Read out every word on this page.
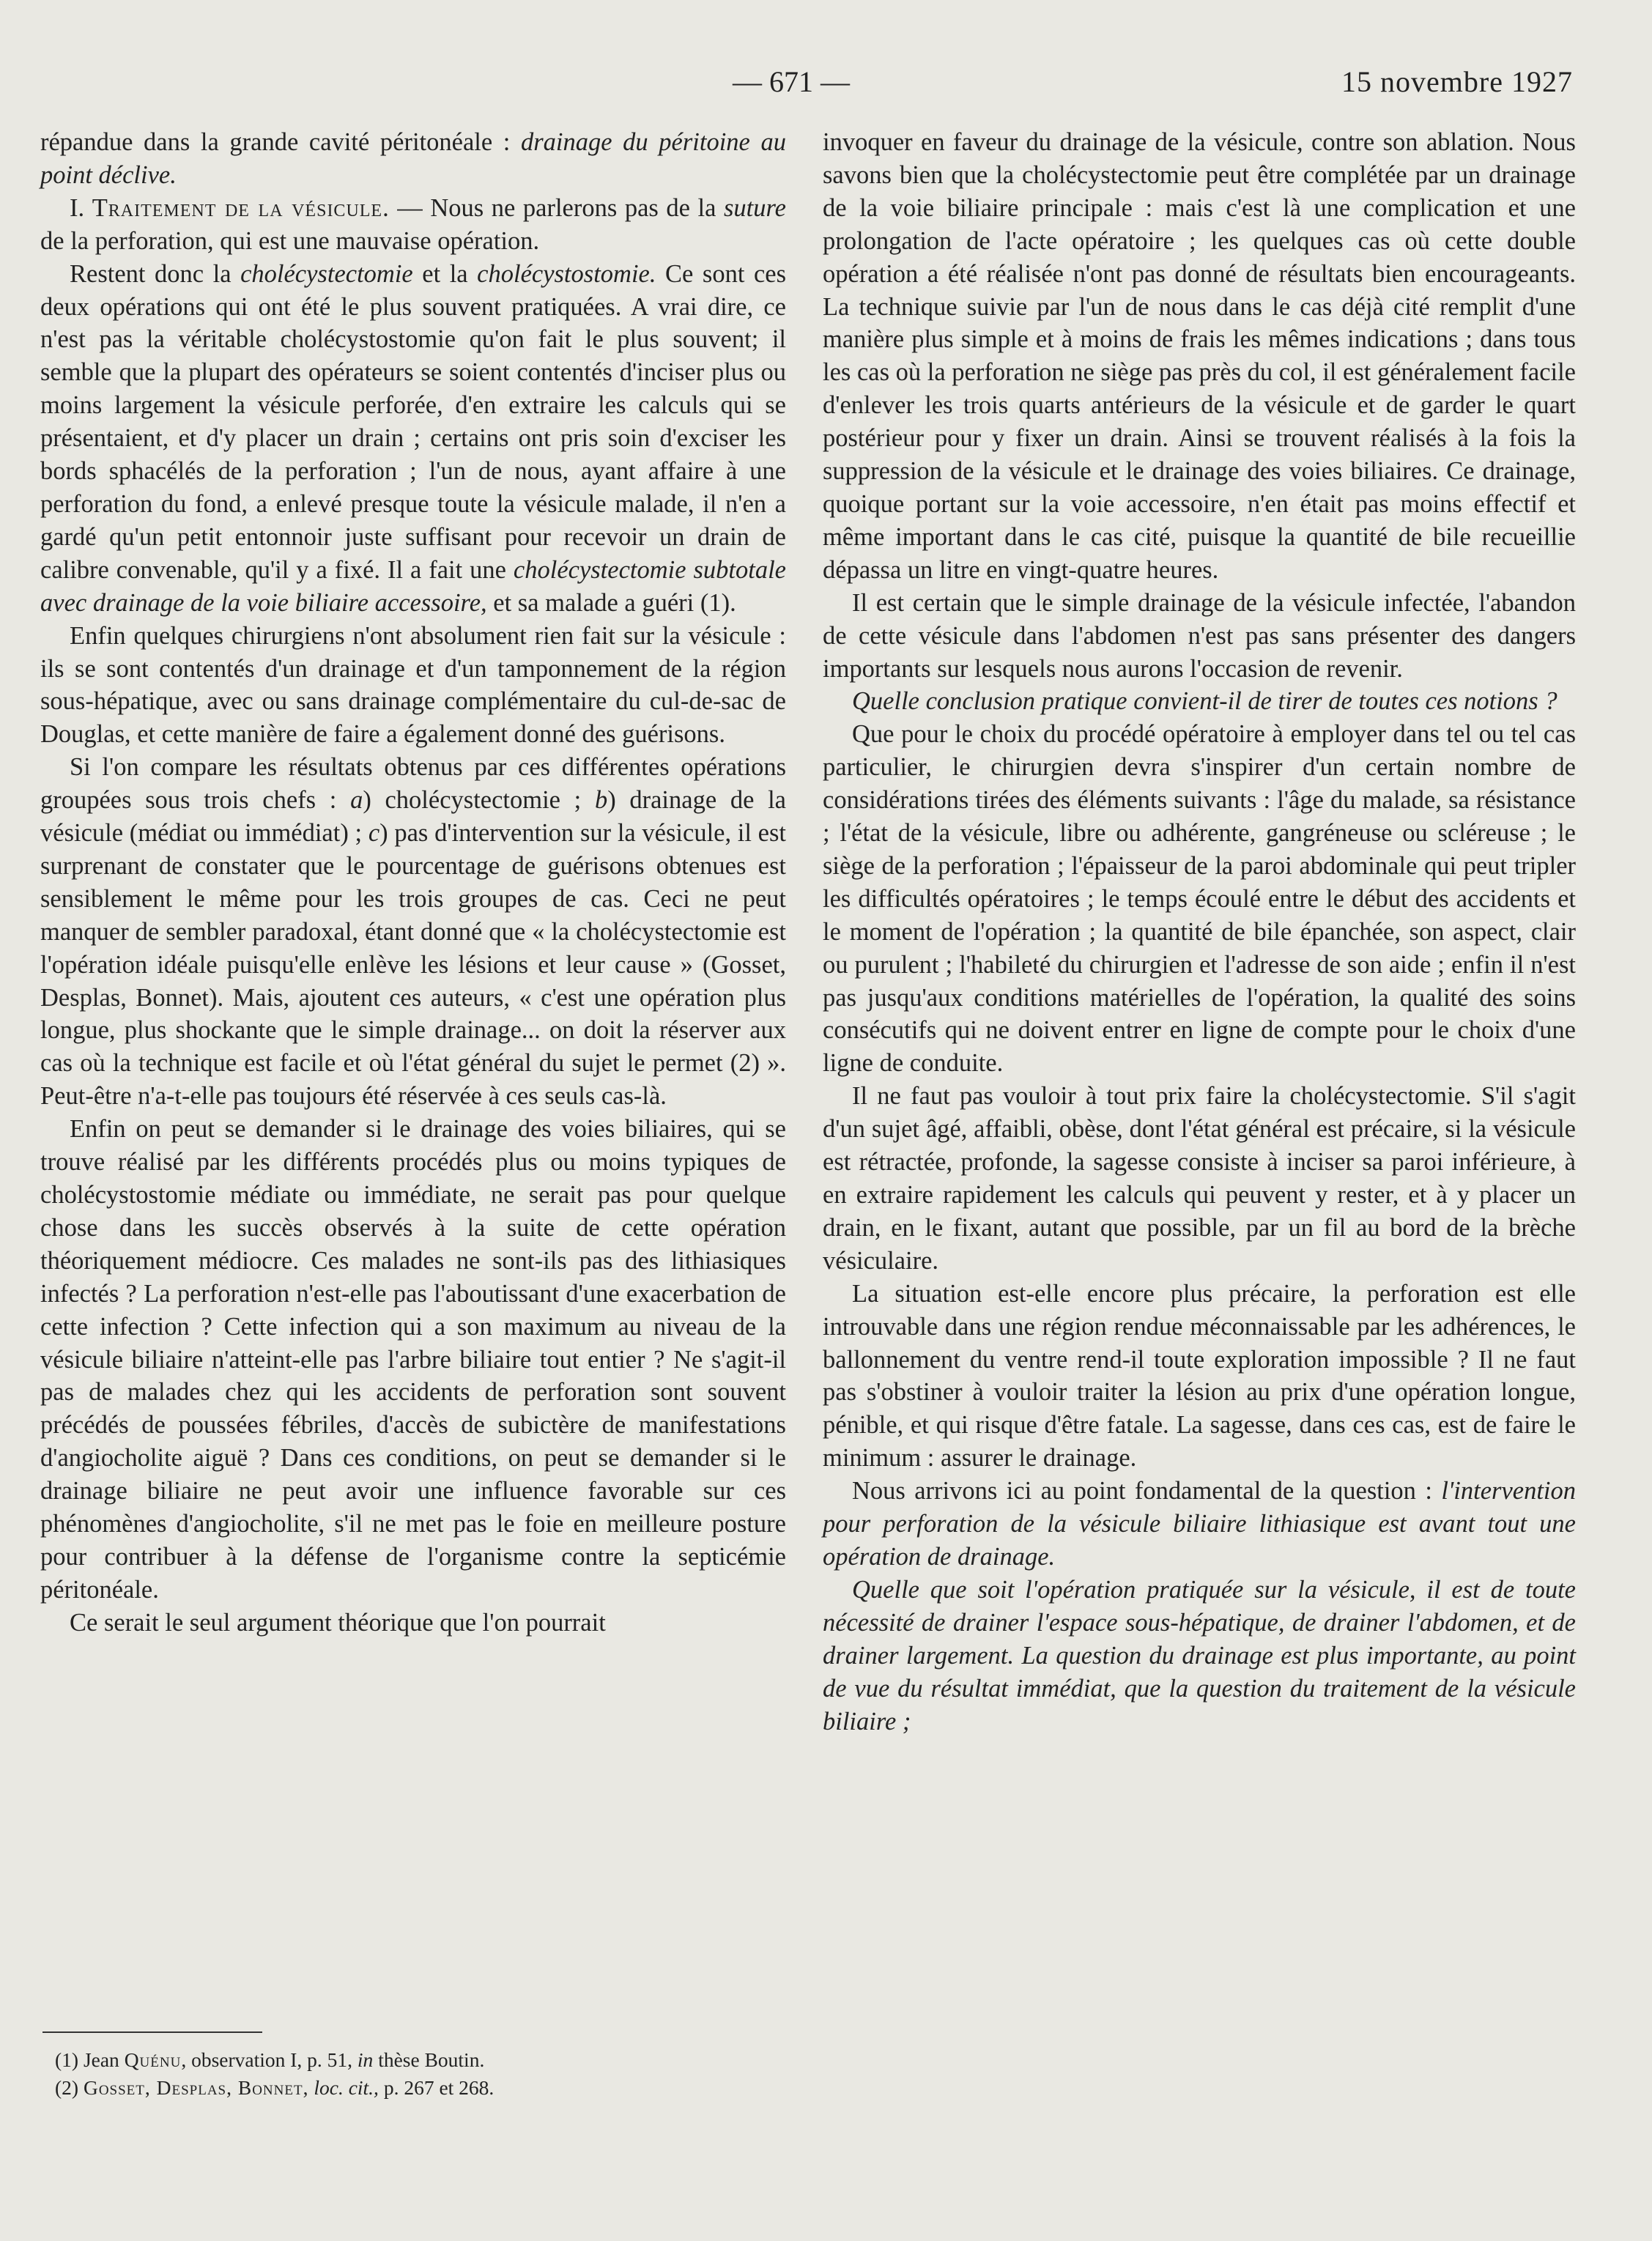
— 671 —	15 novembre 1927

répandue dans la grande cavité péritonéale : drainage du péritoine au point déclive.

I. Traitement de la vésicule. — Nous ne parlerons pas de la suture de la perforation, qui est une mauvaise opération.

Restent donc la cholécystectomie et la cholécystostomie. Ce sont ces deux opérations qui ont été le plus souvent pratiquées. A vrai dire, ce n'est pas la véritable cholécystostomie qu'on fait le plus souvent; il semble que la plupart des opérateurs se soient contentés d'inciser plus ou moins largement la vésicule perforée, d'en extraire les calculs qui se présentaient, et d'y placer un drain ; certains ont pris soin d'exciser les bords sphacélés de la perforation ; l'un de nous, ayant affaire à une perforation du fond, a enlevé presque toute la vésicule malade, il n'en a gardé qu'un petit entonnoir juste suffisant pour recevoir un drain de calibre convenable, qu'il y a fixé. Il a fait une cholécystectomie subtotale avec drainage de la voie biliaire accessoire, et sa malade a guéri (1).

Enfin quelques chirurgiens n'ont absolument rien fait sur la vésicule : ils se sont contentés d'un drainage et d'un tamponnement de la région sous-hépatique, avec ou sans drainage complémentaire du cul-de-sac de Douglas, et cette manière de faire a également donné des guérisons.

Si l'on compare les résultats obtenus par ces différentes opérations groupées sous trois chefs : a) cholécystectomie ; b) drainage de la vésicule (médiat ou immédiat) ; c) pas d'intervention sur la vésicule, il est surprenant de constater que le pourcentage de guérisons obtenues est sensiblement le même pour les trois groupes de cas. Ceci ne peut manquer de sembler paradoxal, étant donné que « la cholécystectomie est l'opération idéale puisqu'elle enlève les lésions et leur cause » (Gosset, Desplas, Bonnet). Mais, ajoutent ces auteurs, « c'est une opération plus longue, plus shockante que le simple drainage... on doit la réserver aux cas où la technique est facile et où l'état général du sujet le permet (2) ». Peut-être n'a-t-elle pas toujours été réservée à ces seuls cas-là.

Enfin on peut se demander si le drainage des voies biliaires, qui se trouve réalisé par les différents procédés plus ou moins typiques de cholécystostomie médiate ou immédiate, ne serait pas pour quelque chose dans les succès observés à la suite de cette opération théoriquement médiocre. Ces malades ne sont-ils pas des lithiasiques infectés ? La perforation n'est-elle pas l'aboutissant d'une exacerbation de cette infection ? Cette infection qui a son maximum au niveau de la vésicule biliaire n'atteint-elle pas l'arbre biliaire tout entier ? Ne s'agit-il pas de malades chez qui les accidents de perforation sont souvent précédés de poussées fébriles, d'accès de subictère de manifestations d'angiocholite aiguë ? Dans ces conditions, on peut se demander si le drainage biliaire ne peut avoir une influence favorable sur ces phénomènes d'angiocholite, s'il ne met pas le foie en meilleure posture pour contribuer à la défense de l'organisme contre la septicémie péritonéale.

Ce serait le seul argument théorique que l'on pourrait

invoquer en faveur du drainage de la vésicule, contre son ablation. Nous savons bien que la cholécystectomie peut être complétée par un drainage de la voie biliaire principale : mais c'est là une complication et une prolongation de l'acte opératoire ; les quelques cas où cette double opération a été réalisée n'ont pas donné de résultats bien encourageants. La technique suivie par l'un de nous dans le cas déjà cité remplit d'une manière plus simple et à moins de frais les mêmes indications ; dans tous les cas où la perforation ne siège pas près du col, il est généralement facile d'enlever les trois quarts antérieurs de la vésicule et de garder le quart postérieur pour y fixer un drain. Ainsi se trouvent réalisés à la fois la suppression de la vésicule et le drainage des voies biliaires. Ce drainage, quoique portant sur la voie accessoire, n'en était pas moins effectif et même important dans le cas cité, puisque la quantité de bile recueillie dépassa un litre en vingt-quatre heures.

Il est certain que le simple drainage de la vésicule infectée, l'abandon de cette vésicule dans l'abdomen n'est pas sans présenter des dangers importants sur lesquels nous aurons l'occasion de revenir.

Quelle conclusion pratique convient-il de tirer de toutes ces notions ?

Que pour le choix du procédé opératoire à employer dans tel ou tel cas particulier, le chirurgien devra s'inspirer d'un certain nombre de considérations tirées des éléments suivants : l'âge du malade, sa résistance ; l'état de la vésicule, libre ou adhérente, gangréneuse ou scléreuse ; le siège de la perforation ; l'épaisseur de la paroi abdominale qui peut tripler les difficultés opératoires ; le temps écoulé entre le début des accidents et le moment de l'opération ; la quantité de bile épanchée, son aspect, clair ou purulent ; l'habileté du chirurgien et l'adresse de son aide ; enfin il n'est pas jusqu'aux conditions matérielles de l'opération, la qualité des soins consécutifs qui ne doivent entrer en ligne de compte pour le choix d'une ligne de conduite.

Il ne faut pas vouloir à tout prix faire la cholécystectomie. S'il s'agit d'un sujet âgé, affaibli, obèse, dont l'état général est précaire, si la vésicule est rétractée, profonde, la sagesse consiste à inciser sa paroi inférieure, à en extraire rapidement les calculs qui peuvent y rester, et à y placer un drain, en le fixant, autant que possible, par un fil au bord de la brèche vésiculaire.

La situation est-elle encore plus précaire, la perforation est elle introuvable dans une région rendue méconnaissable par les adhérences, le ballonnement du ventre rend-il toute exploration impossible ? Il ne faut pas s'obstiner à vouloir traiter la lésion au prix d'une opération longue, pénible, et qui risque d'être fatale. La sagesse, dans ces cas, est de faire le minimum : assurer le drainage.

Nous arrivons ici au point fondamental de la question : l'intervention pour perforation de la vésicule biliaire lithiasique est avant tout une opération de drainage.

Quelle que soit l'opération pratiquée sur la vésicule, il est de toute nécessité de drainer l'espace sous-hépatique, de drainer l'abdomen, et de drainer largement. La question du drainage est plus importante, au point de vue du résultat immédiat, que la question du traitement de la vésicule biliaire ;

(1) Jean Quénu, observation I, p. 51, in thèse Boutin.
(2) Gosset, Desplas, Bonnet, loc. cit., p. 267 et 268.
